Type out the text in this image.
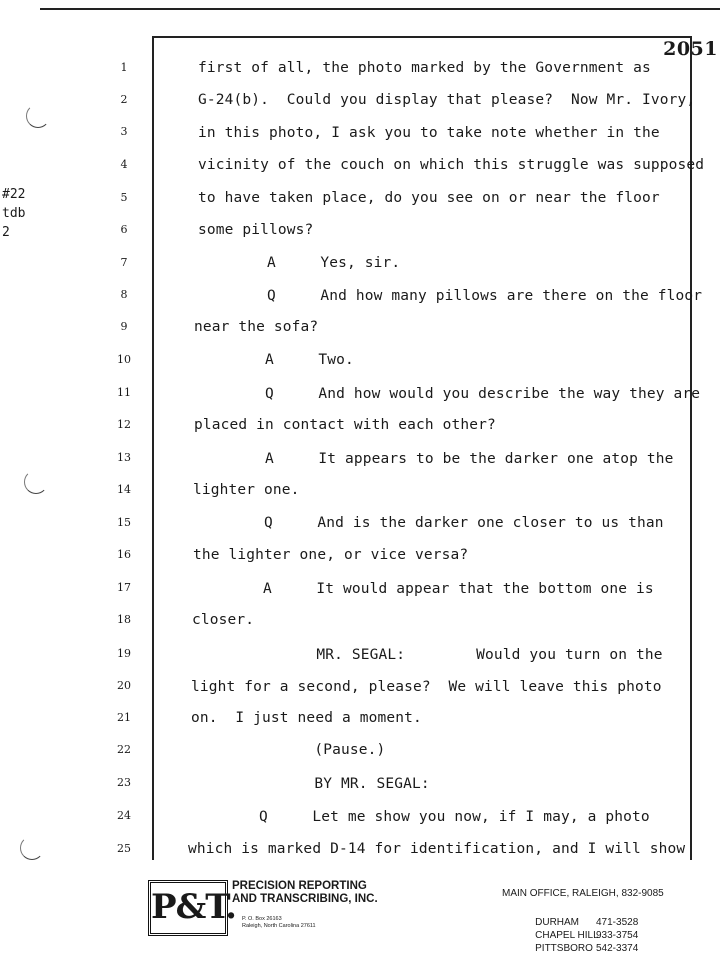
2051
#22
tdb
2
1	first of all, the photo marked by the Government as
2	G-24(b).  Could you display that please?  Now Mr. Ivory,
3	in this photo, I ask you to take note whether in the
4	vicinity of the couch on which this struggle was supposed
5	to have taken place, do you see on or near the floor
6	some pillows?
7	A     Yes, sir.
8	Q     And how many pillows are there on the floor
9	near the sofa?
10	A     Two.
11	Q     And how would you describe the way they are
12	placed in contact with each other?
13	A     It appears to be the darker one atop the
14	lighter one.
15	Q     And is the darker one closer to us than
16	the lighter one, or vice versa?
17	A     It would appear that the bottom one is
18	closer.
19	MR. SEGAL:        Would you turn on the
20	light for a second, please?  We will leave this photo
21	on.  I just need a moment.
22	(Pause.)
23	BY MR. SEGAL:
24	Q     Let me show you now, if I may, a photo
25	which is marked D-14 for identification, and I will show
P&T.
PRECISION REPORTING
AND TRANSCRIBING, INC.
P. O. Box 26163
Raleigh, North Carolina 27611
MAIN OFFICE, RALEIGH, 832-9085

DURHAM 471-3528

CHAPEL HILL
933-3754

PITTSBORO 542-3374
